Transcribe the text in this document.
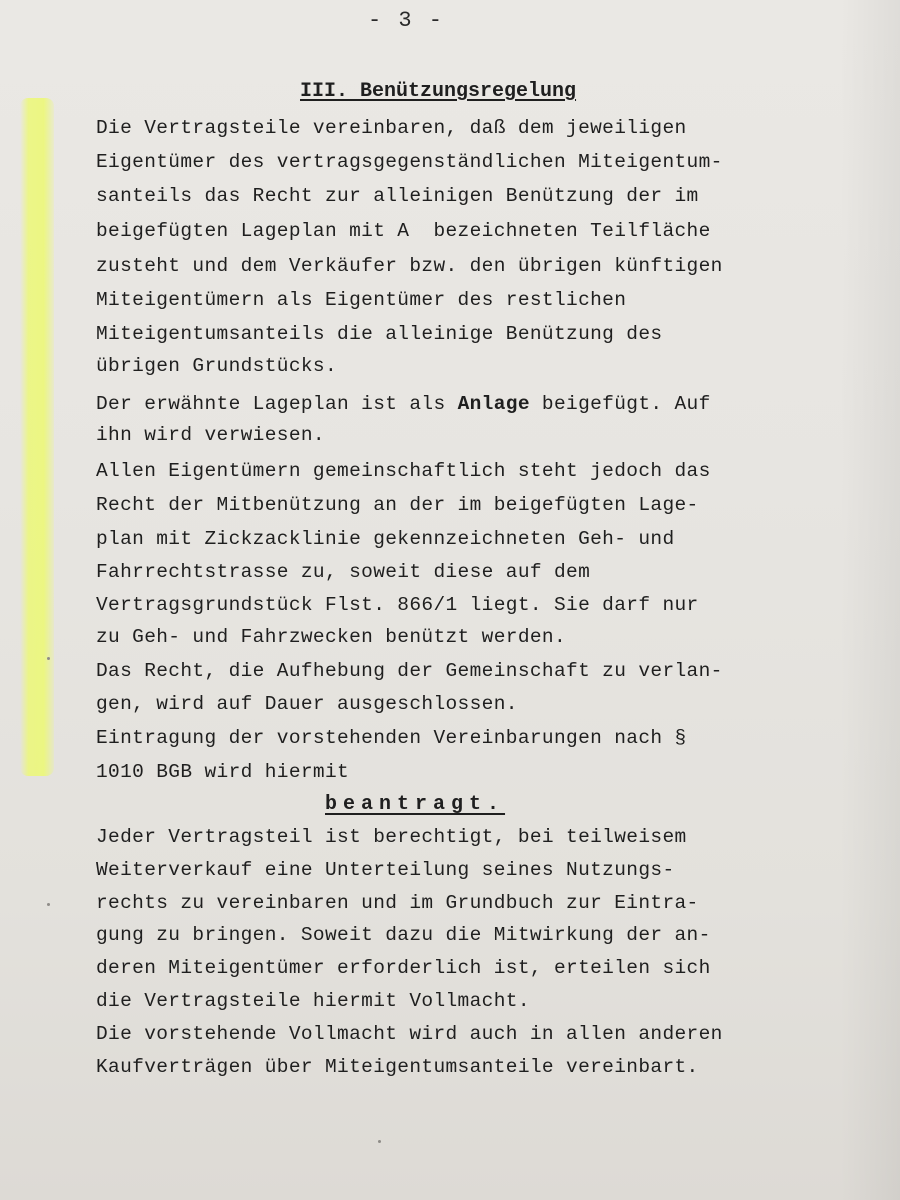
- 3 -
III. Benützungsregelung
Die Vertragsteile vereinbaren, daß dem jeweiligen
Eigentümer des vertragsgegenständlichen Miteigentum-
santeils das Recht zur alleinigen Benützung der im
beigefügten Lageplan mit A  bezeichneten Teilfläche
zusteht und dem Verkäufer bzw. den übrigen künftigen
Miteigentümern als Eigentümer des restlichen
Miteigentumsanteils die alleinige Benützung des
übrigen Grundstücks.
Der erwähnte Lageplan ist als Anlage beigefügt. Auf
ihn wird verwiesen.
Allen Eigentümern gemeinschaftlich steht jedoch das
Recht der Mitbenützung an der im beigefügten Lage-
plan mit Zickzacklinie gekennzeichneten Geh- und
Fahrrechtstrasse zu, soweit diese auf dem
Vertragsgrundstück Flst. 866/1 liegt. Sie darf nur
zu Geh- und Fahrzwecken benützt werden.
Das Recht, die Aufhebung der Gemeinschaft zu verlan-
gen, wird auf Dauer ausgeschlossen.
Eintragung der vorstehenden Vereinbarungen nach §
1010 BGB wird hiermit
beantragt.
Jeder Vertragsteil ist berechtigt, bei teilweisem
Weiterverkauf eine Unterteilung seines Nutzungs-
rechts zu vereinbaren und im Grundbuch zur Eintra-
gung zu bringen. Soweit dazu die Mitwirkung der an-
deren Miteigentümer erforderlich ist, erteilen sich
die Vertragsteile hiermit Vollmacht.
Die vorstehende Vollmacht wird auch in allen anderen
Kaufverträgen über Miteigentumsanteile vereinbart.
